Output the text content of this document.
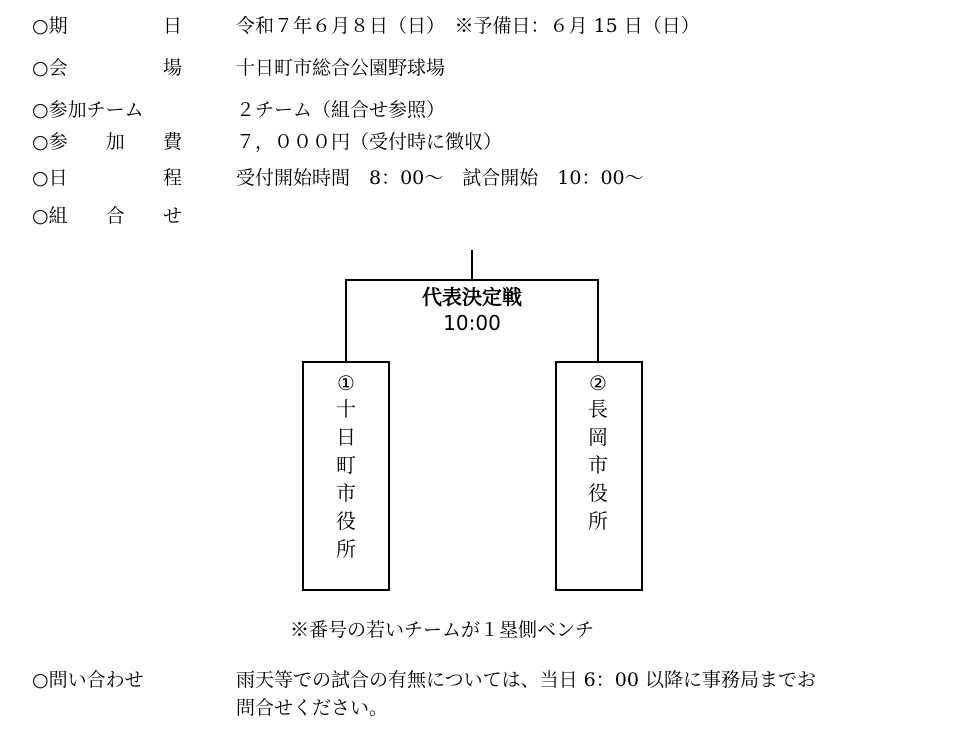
○期	日	令和７年６月８日（日）　※予備日：６月 15 日（日）
○会	場	十日町市総合公園野球場
○参加チーム	２チーム（組合せ参照）
○参 加 費	７，０００円（受付時に徴収）
○日	程	受付開始時間　8：00～　試合開始　10：00～
○組 合 せ
代表決定戦
10:00
①
十
日
町
市
役
所
②
長
岡
市
役
所
※番号の若いチームが１塁側ベンチ
○問い合わせ	雨天等での試合の有無については、当日 6：00 以降に事務局までお
問合せください。
